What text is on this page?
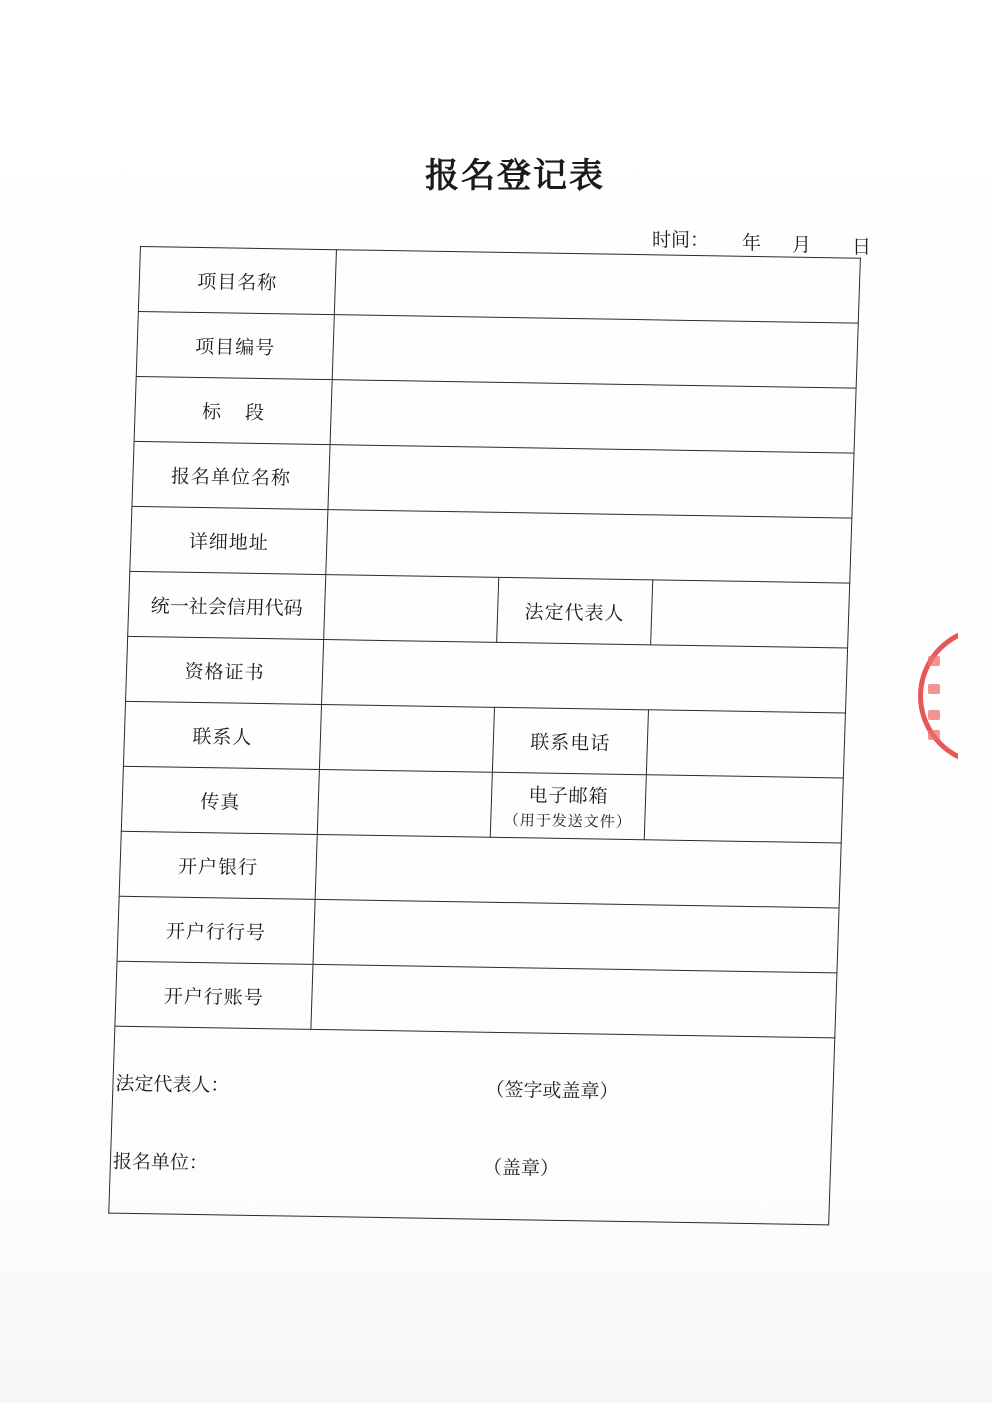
报名登记表
时间： 年 月 日
项目名称			
项目编号			
标段			
报名单位名称			
详细地址			
统一社会信用代码		法定代表人	
资格证书			
联系人		联系电话	
传真		电子邮箱
（用于发送文件）	

开户银行			
开户行行号			
开户行账号			

法定代表人： （签字或盖章）
报名单位： （盖章）			
